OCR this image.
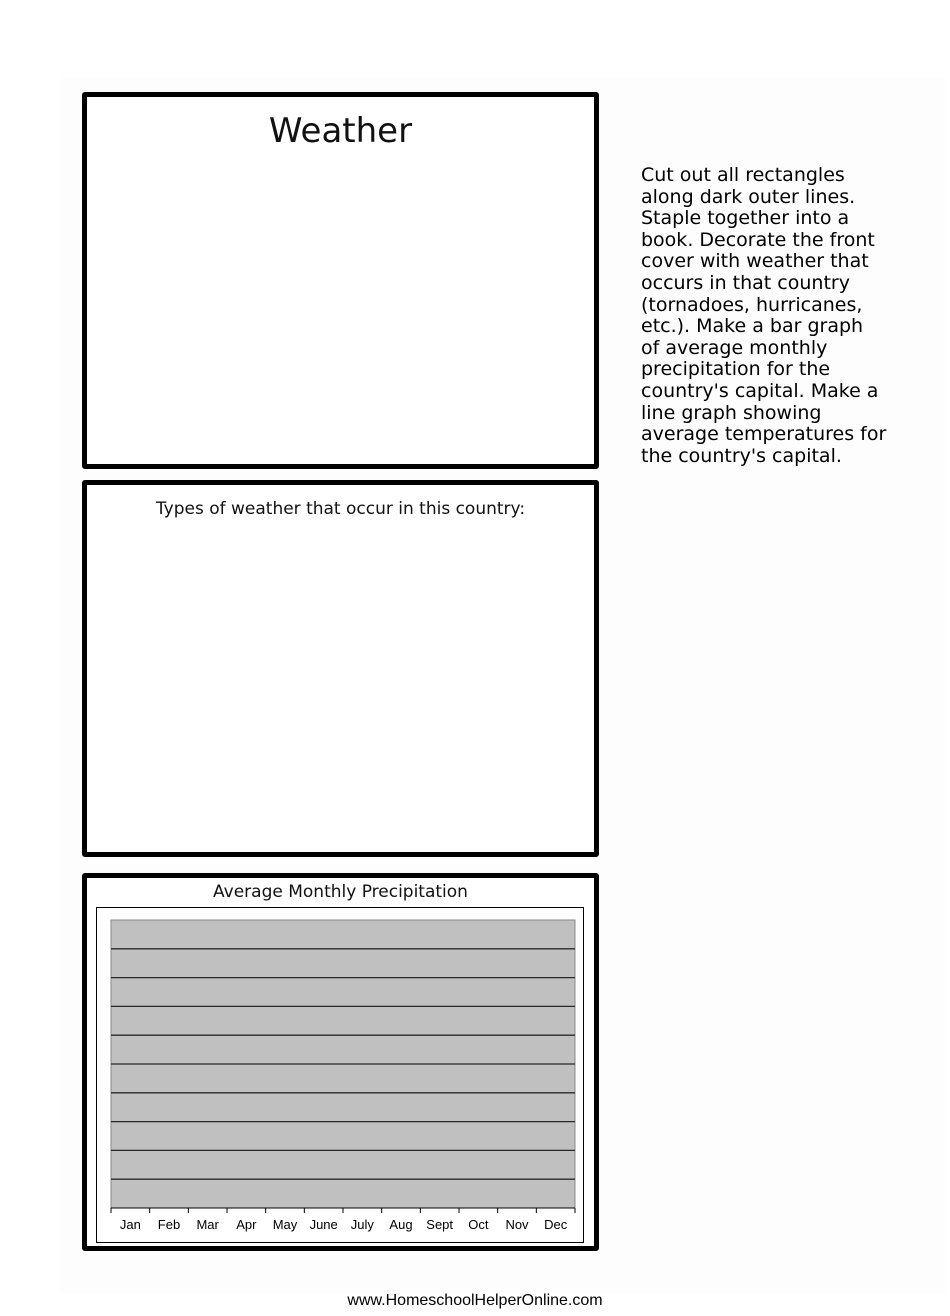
Weather
Cut out all rectangles
along dark outer lines.
Staple together into a
book. Decorate the front
cover with weather that
occurs in that country
(tornadoes, hurricanes,
etc.). Make a bar graph
of average monthly
precipitation for the
country's capital. Make a
line graph showing
average temperatures for
the country's capital.
Types of weather that occur in this country:
Average Monthly Precipitation
Jan Feb Mar Apr May June July Aug Sept Oct Nov Dec
www.HomeschoolHelperOnline.com
